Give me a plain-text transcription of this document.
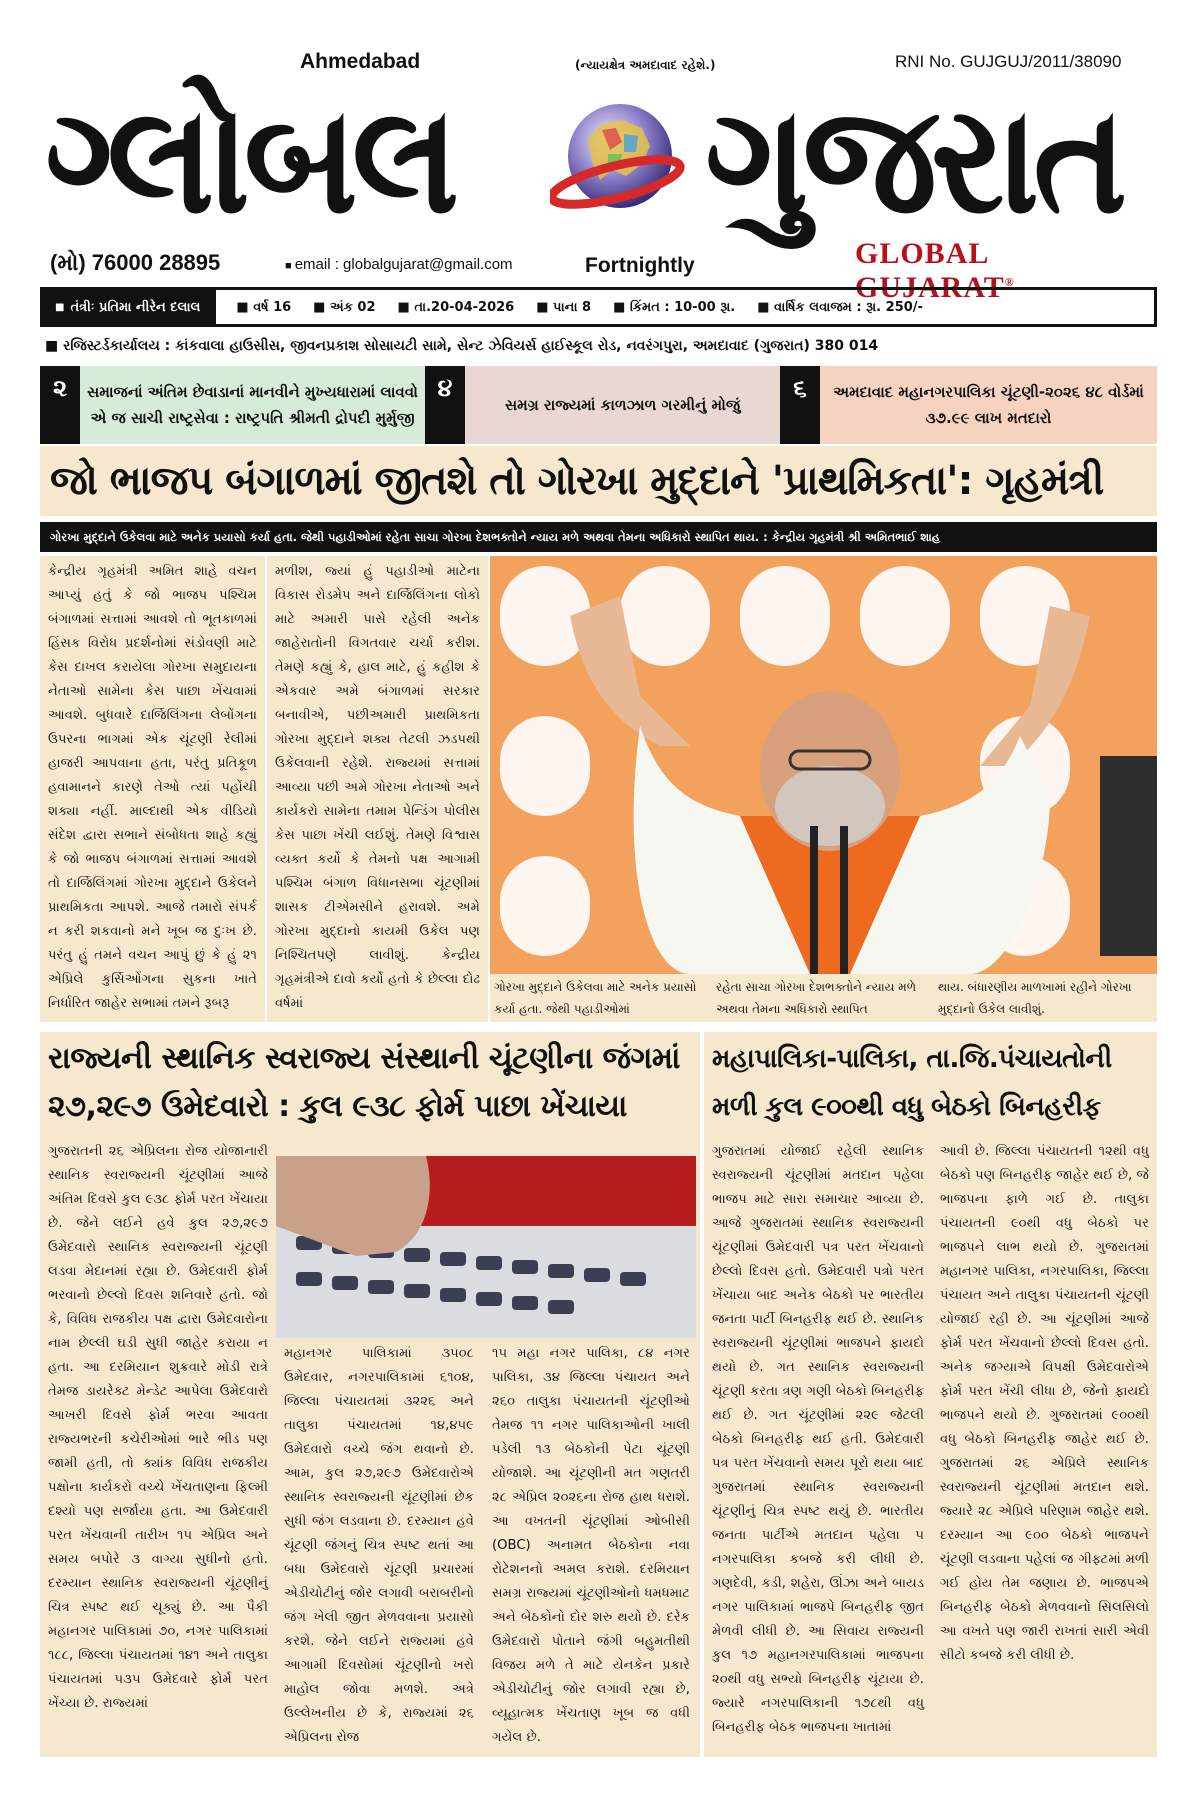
Ahmedabad	(ન્યાયક્ષેત્ર અમદાવાદ રહેશે.)	RNI No. GUJGUJ/2011/38090
ગ્લોબલ ગુજરાત
GLOBAL GUJARAT®
(મો) 76000 28895	■ email : globalgujarat@gmail.com	Fortnightly
■ તંત્રીઃ પ્રતિમા નીરેન દલાલ	■ વર્ષ 16 ■ અંક 02 ■ તા.20-04-2026 ■ પાના 8 ■ કિંમત : 10-00 રૂા. ■ વાર્ષિક લવાજમ : રૂા. 250/-
■ રજિસ્ટર્ડકાર્યાલય : કાંકવાલા હાઉસીસ, જીવનપ્રકાશ સોસાયટી સામે, સેન્ટ ઝેવિયર્સ હાઈસ્કૂલ રોડ, નવરંગપુરા, અમદાવાદ (ગુજરાત) 380 014
૨	સમાજનાં અંતિમ છેવાડાનાં માનવીને મુખ્યધારામાં લાવવો એ જ સાચી રાષ્ટ્રસેવા : રાષ્ટ્રપતિ શ્રીમતી દ્રોપદી મુર્મુજી
૪
સમગ્ર રાજ્યમાં કાળઝાળ ગરમીનું મોજું
૬	અમદાવાદ મહાનગરપાલિકા ચૂંટણી-૨૦૨૬ ૪૮ વોર્ડમાં ૩૭.૯૯ લાખ મતદારો
જો ભાજપ બંગાળમાં જીતશે તો ગોરખા મુદ્દાને 'પ્રાથમિકતા': ગૃહમંત્રી
ગોરખા મુદ્દાને ઉકેલવા માટે અનેક પ્રયાસો કર્યા હતા. જેથી પહાડીઓમાં રહેતા સાચા ગોરખા દેશભક્તોને ન્યાય મળે અથવા તેમના અધિકારો સ્થાપિત થાય. : કેન્દ્રીય ગૃહમંત્રી શ્રી અમિતભાઈ શાહ
કેન્દ્રીય ગૃહમંત્રી અમિત શાહે વચન આપ્યું હતું કે જો ભાજપ પશ્ચિમ બંગાળમાં સત્તામાં આવશે તો ભૂતકાળમાં હિંસક વિરોધ પ્રદર્શનોમાં સંડોવણી માટે કેસ દાખલ કરાયેલા ગોરખા સમુદાયના નેતાઓ સામેના કેસ પાછા ખેંચવામાં આવશે. બુધવારે દાર્જિલિંગના લેબોંગના ઉપરના ભાગમાં એક ચૂંટણી રેલીમાં હાજરી આપવાના હતા, પરંતુ પ્રતિકૂળ હવામાનને કારણે તેઓ ત્યાં પહોંચી શક્યા નહીં. માલ્દાથી એક વીડિયો સંદેશ દ્વારા સભાને સંબોધતા શાહે કહ્યું કે જો ભાજપ બંગાળમાં સત્તામાં આવશે તો દાર્જિલિંગમાં ગોરખા મુદ્દાને ઉકેલને પ્રાથમિકતા આપશે. આજે તમારો સંપર્ક ન કરી શકવાનો મને ખૂબ જ દુઃખ છે. પરંતુ હું તમને વચન આપું છું કે હું ૨૧ એપ્રિલે કુર્સિઓંગના સુકના ખાતે નિર્ધારિત જાહેર સભામાં તમને રૂબરૂ
મળીશ, જ્યાં હું પહાડીઓ માટેના વિકાસ રોડમેપ અને દાર્જિલિંગના લોકો માટે અમારી પાસે રહેલી અનેક જાહેરાતોની વિગતવાર ચર્ચા કરીશ. તેમણે કહ્યું કે, હાલ માટે, હું કહીશ કે એકવાર અમે બંગાળમાં સરકાર બનાવીએ, પછીઅમારી પ્રાથમિકતા ગોરખા મુદ્દાને શક્ય તેટલી ઝડપથી ઉકેલવાની રહેશે. રાજ્યમાં સત્તામાં આવ્યા પછી અમે ગોરખા નેતાઓ અને કાર્યકરો સામેના તમામ પેન્ડિંગ પોલીસ કેસ પાછા ખેંચી લઈશું. તેમણે વિશ્વાસ વ્યક્ત કર્યો કે તેમનો પક્ષ આગામી પશ્ચિમ બંગાળ વિધાનસભા ચૂંટણીમાં શાસક ટીએમસીને હરાવશે. અમે ગોરખા મુદ્દાનો કાયમી ઉકેલ પણ નિશ્ચિતપણે લાવીશું. કેન્દ્રીય ગૃહમંત્રીએ દાવો કર્યો હતો કે છેલ્લા દોઢ વર્ષમાં
ગોરખા મુદ્દાને ઉકેલવા માટે અનેક પ્રયાસો કર્યા હતા. જેથી પહાડીઓમાં
રહેતા સાચા ગોરખા દેશભક્તોને ન્યાય મળે અથવા તેમના અધિકારો સ્થાપિત
થાય. બંધારણીય માળખામાં રહીને ગોરખા મુદ્દાનો ઉકેલ લાવીશું.
રાજ્યની સ્થાનિક સ્વરાજ્ય સંસ્થાની ચૂંટણીના જંગમાં
૨૭,૨૯૭ ઉમેદવારો : કુલ ૯૩૮ ફોર્મ પાછા ખેંચાયા
ગુજરાતની ૨૬ એપ્રિલના રોજ યોજાનારી સ્થાનિક સ્વરાજ્યની ચૂંટણીમાં આજે અંતિમ દિવસે કુલ ૯૩૮ ફોર્મ પરત ખેંચાયા છે. જેને લઈને હવે કુલ ૨૭,૨૯૭ ઉમેદવારો સ્થાનિક સ્વરાજ્યની ચૂંટણી લડવા મેદાનમાં રહ્યા છે. ઉમેદવારી ફોર્મ ભરવાનો છેલ્લો દિવસ શનિવારે હતો. જો કે, વિવિધ રાજકીય પક્ષ દ્વારા ઉમેદવારોના નામ છેલ્લી ઘડી સુધી જાહેર કરાયા ન હતા. આ દરમિયાન શુક્રવારે મોડી રાત્રે તેમજ ડાયરેક્ટ મેન્ડેટ આપેલા ઉમેદવારો આખરી દિવસે ફોર્મ ભરવા આવતા રાજ્યભરની કચેરીઓમાં ભારે ભીડ પણ જામી હતી, તો ક્યાંક વિવિધ રાજકીય પક્ષોના કાર્યકરો વચ્ચે ખેંચતાણના ફિલ્મી દશ્યો પણ સર્જાયા હતા. આ ઉમેદવારી પરત ખેંચવાની તારીખ ૧૫ એપ્રિલ અને સમય બપોરે ૩ વાગ્યા સુધીનો હતો. દરમ્યાન સ્થાનિક સ્વરાજ્યની ચૂંટણીનું ચિત્ર સ્પષ્ટ થઈ ચૂક્યું છે. આ પૈકી મહાનગર પાલિકામાં ૭૦, નગર પાલિકામાં ૧૮૮, જિલ્લા પંચાયતમાં ૧૪૧ અને તાલુકા પંચાયતમાં ૫૩૫ ઉમેદવારે ફોર્મ પરત ખેંચ્યા છે. રાજ્યમાં
મહાનગર પાલિકામાં ૩૫૦૮ ઉમેદવાર, નગરપાલિકામાં ૬૧૦૪, જિલ્લા પંચાયતમાં ૩૨૨૬ અને તાલુકા પંચાયતમાં ૧૪,૪૫૯ ઉમેદવારો વચ્ચે જંગ થવાનો છે. આમ, કુલ ૨૭,૨૯૭ ઉમેદવારોએ સ્થાનિક સ્વરાજ્યની ચૂંટણીમાં છેક સુધી જંગ લડવાના છે. દરમ્યાન હવે ચૂંટણી જંગનું ચિત્ર સ્પષ્ટ થતાં આ બધા ઉમેદવારો ચૂંટણી પ્રચારમાં એડીચોટીનું જોર લગાવી બરાબરીનો જંગ ખેલી જીત મેળવવાના પ્રયાસો કરશે. જેને લઈને રાજ્યમાં હવે આગામી દિવસોમાં ચૂંટણીનો ખરો માહોલ જોવા મળશે. અત્રે ઉલ્લેખનીય છે કે, રાજ્યમાં ૨૬ એપ્રિલના રોજ
૧૫ મહા નગર પાલિકા, ૮૪ નગર પાલિકા, ૩૪ જિલ્લા પંચાયત અને ૨૬૦ તાલુકા પંચાયતની ચૂંટણીઓ તેમજ ૧૧ નગર પાલિકાઓની ખાલી પડેલી ૧૩ બેઠકોની પેટા ચૂંટણી યોજાશે. આ ચૂંટણીની મત ગણતરી ૨૮ એપ્રિલ ૨૦૨૬ના રોજ હાથ ધરાશે. આ વખતની ચૂંટણીમાં ઓબીસી (OBC) અનામત બેઠકોના નવા રોટેશનનો અમલ કરાશે. દરમિયાન સમગ્ર રાજ્યમાં ચૂંટણીઓનો ધમધમાટ અને બેઠકોનો દોર શરુ થયો છે. દરેક ઉમેદવારો પોતાને જંગી બહુમતીથી વિજય મળે તે માટે યેનકેન પ્રકારે એડીચોટીનું જોર લગાવી રહ્યા છે, વ્યૂહાત્મક ખેંચતાણ ખૂબ જ વધી ગયેલ છે.
મહાપાલિકા-પાલિકા, તા.જિ.પંચાયતોની
મળી કુલ ૯૦૦થી વધુ બેઠકો બિનહરીફ
ગુજરાતમાં યોજાઈ રહેલી સ્થાનિક સ્વરાજ્યની ચૂંટણીમાં મતદાન પહેલા ભાજપ માટે સારા સમાચાર આવ્યા છે. આજે ગુજરાતમાં સ્થાનિક સ્વરાજ્યની ચૂંટણીમાં ઉમેદવારી પત્ર પરત ખેંચવાનો છેલ્લો દિવસ હતો. ઉમેદવારી પત્રો પરત ખેંચાયા બાદ અનેક બેઠકો પર ભારતીય જનતા પાર્ટી બિનહરીફ થઈ છે. સ્થાનિક સ્વરાજ્યની ચૂંટણીમાં ભાજપને ફાયદો થયો છે. ગત સ્થાનિક સ્વરાજ્યની ચૂંટણી કરતા ત્રણ ગણી બેઠકો બિનહરીફ થઈ છે. ગત ચૂંટણીમાં ૨૨૯ જેટલી બેઠકો બિનહરીફ થઈ હતી. ઉમેદવારી પત્ર પરત ખેંચવાનો સમય પૂરો થયા બાદ ગુજરાતમાં સ્થાનિક સ્વરાજ્યની ચૂંટણીનું ચિત્ર સ્પષ્ટ થયું છે. ભારતીય જનતા પાર્ટીએ મતદાન પહેલા ૫ નગરપાલિકા કબજે કરી લીધી છે. ગણદેવી, કડી, શહેરા, ઊંઝા અને બાયડ નગર પાલિકામાં ભાજપે બિનહરીફ જીત મેળવી લીધી છે. આ સિવાય રાજ્યની કુલ ૧૭ મહાનગરપાલિકામાં ભાજપના ૨૦થી વધુ સભ્યો બિનહરીફ ચૂંટાયા છે. જ્યારે નગરપાલિકાની ૧૭૮થી વધુ બિનહરીફ બેઠક ભાજપના ખાતામાં
આવી છે. જિલ્લા પંચાયતની ૧૨થી વધુ બેઠકો પણ બિનહરીફ જાહેર થઈ છે, જે ભાજપના ફાળે ગઈ છે. તાલુકા પંચાયતની ૯૦થી વધુ બેઠકો પર ભાજપને લાભ થયો છે. ગુજરાતમાં મહાનગર પાલિકા, નગરપાલિકા, જિલ્લા પંચાયત અને તાલુકા પંચાયતની ચૂંટણી યોજાઈ રહી છે. આ ચૂંટણીમાં આજે ફોર્મ પરત ખેંચવાનો છેલ્લો દિવસ હતો. અનેક જગ્યાએ વિપક્ષી ઉમેદવારોએ ફોર્મ પરત ખેંચી લીધા છે, જેનો ફાયદો ભાજપને થયો છે. ગુજરાતમાં ૯૦૦થી વધુ બેઠકો બિનહરીફ જાહેર થઈ છે. ગુજરાતમાં ૨૬ એપ્રિલે સ્થાનિક સ્વરાજ્યની ચૂંટણીમાં મતદાન થશે. જ્યારે ૨૮ એપ્રિલે પરિણામ જાહેર થશે. દરમ્યાન આ ૯૦૦ બેઠકો ભાજપને ચૂંટણી લડવાના પહેલાં જ ગીફ્ટમાં મળી ગઈ હોય તેમ જણાય છે. ભાજપએ બિનહરીફ બેઠકો મેળવવાનો સિલસિલો આ વખતે પણ જારી રાખતાં સારી એવી સીટો કબજે કરી લીધી છે.
